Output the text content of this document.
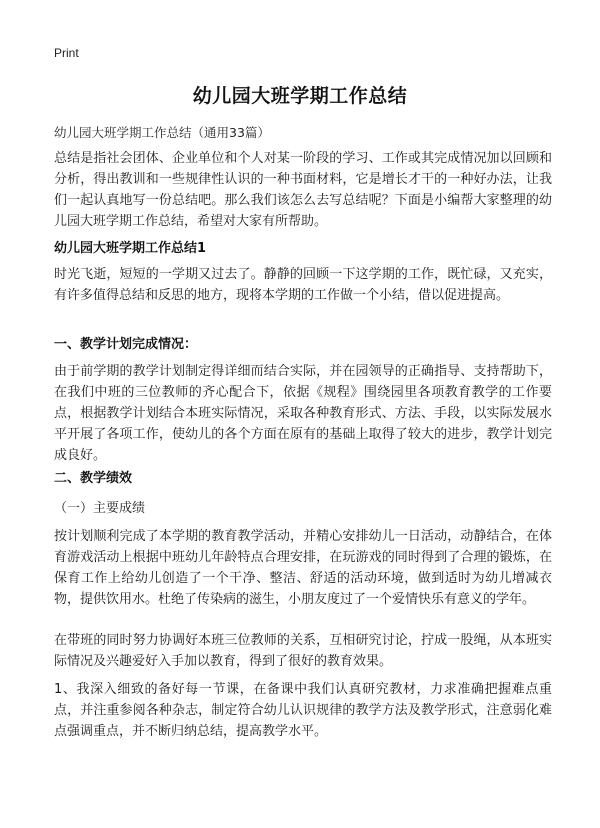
Print
幼儿园大班学期工作总结
幼儿园大班学期工作总结（通用33篇）

总结是指社会团体、企业单位和个人对某一阶段的学习、工作或其完成情况加以回顾和分析，得出教训和一些规律性认识的一种书面材料，它是增长才干的一种好办法，让我们一起认真地写一份总结吧。那么我们该怎么去写总结呢？下面是小编帮大家整理的幼儿园大班学期工作总结，希望对大家有所帮助。

幼儿园大班学期工作总结1

时光飞逝，短短的一学期又过去了。静静的回顾一下这学期的工作，既忙碌，又充实，有许多值得总结和反思的地方，现将本学期的工作做一个小结，借以促进提高。

一、教学计划完成情况：

由于前学期的教学计划制定得详细而结合实际，并在园领导的正确指导、支持帮助下，在我们中班的三位教师的齐心配合下，依据《规程》围绕园里各项教育教学的工作要点，根据教学计划结合本班实际情况，采取各种教育形式、方法、手段，以实际发展水平开展了各项工作，使幼儿的各个方面在原有的基础上取得了较大的进步，教学计划完成良好。

二、教学绩效
（一）主要成绩

按计划顺利完成了本学期的教育教学活动，并精心安排幼儿一日活动，动静结合，在体育游戏活动上根据中班幼儿年龄特点合理安排，在玩游戏的同时得到了合理的锻炼，在保育工作上给幼儿创造了一个干净、整洁、舒适的活动环境，做到适时为幼儿增减衣物，提供饮用水。杜绝了传染病的滋生，小朋友度过了一个爱情快乐有意义的学年。

在带班的同时努力协调好本班三位教师的关系，互相研究讨论，拧成一股绳，从本班实际情况及兴趣爱好入手加以教育，得到了很好的教育效果。

1、我深入细致的备好每一节课，在备课中我们认真研究教材，力求准确把握难点重点，并注重参阅各种杂志，制定符合幼儿认识规律的教学方法及教学形式，注意弱化难点强调重点，并不断归纳总结，提高教学水平。
